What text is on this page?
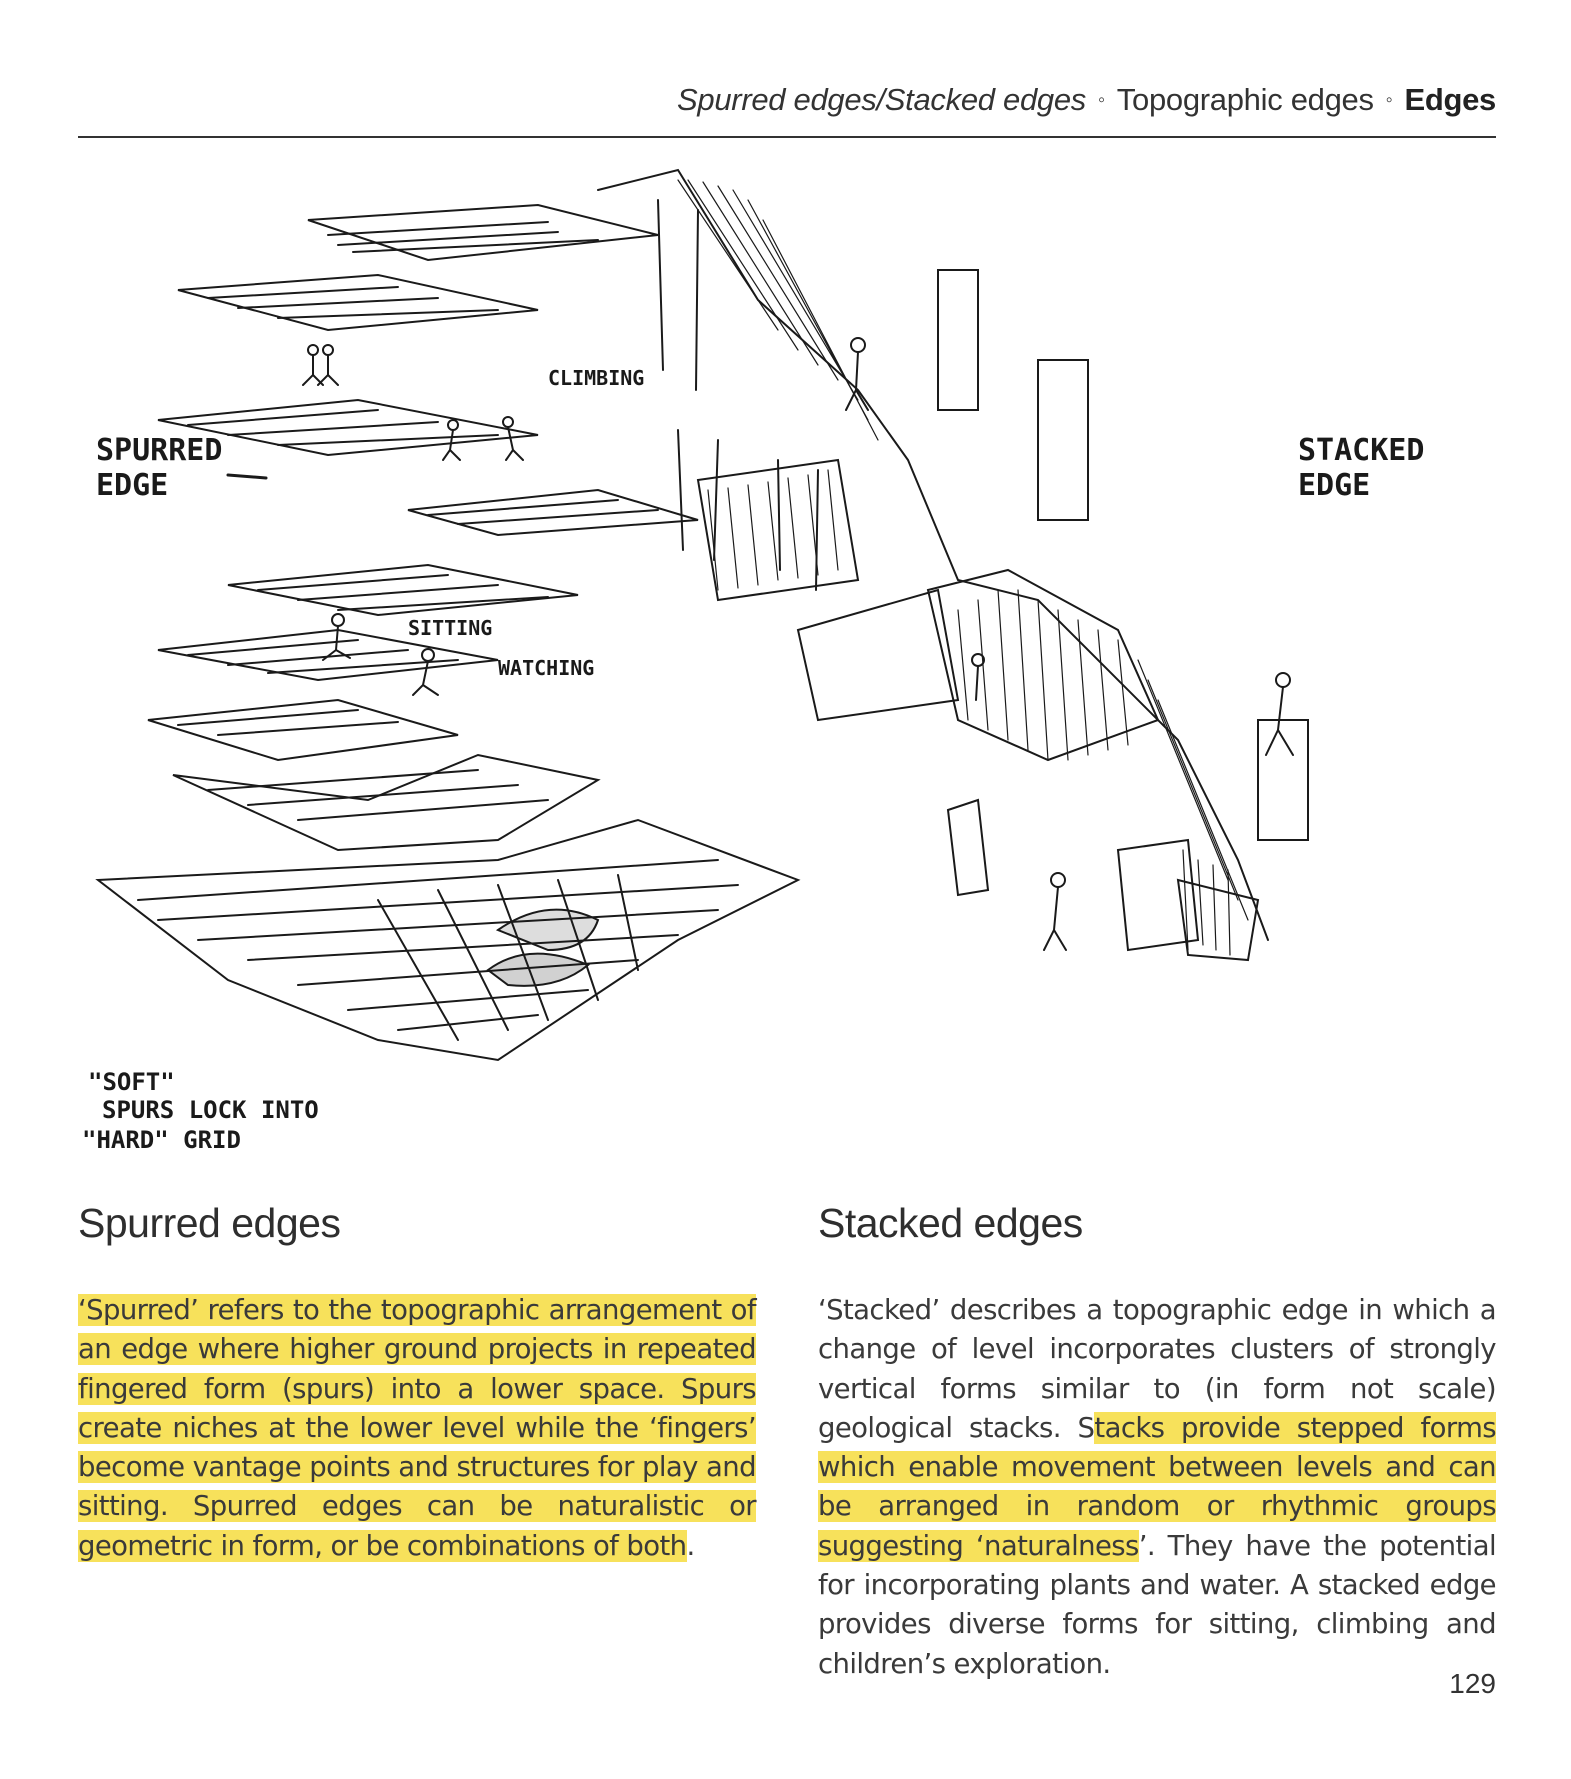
Spurred edges/Stacked edges ◦ Topographic edges ◦ Edges
SPURRED
EDGE
STACKED
EDGE
CLIMBING
SITTING
WATCHING
"SOFT"
SPURS LOCK INTO
"HARD" GRID
Spurred edges

‘Spurred’ refers to the topographic arrangement of an edge where higher ground projects in repeated fingered form (spurs) into a lower space. Spurs create niches at the lower level while the ‘fingers’ become vantage points and structures for play and sitting. Spurred edges can be naturalistic or geometric in form, or be combinations of both.

Stacked edges

‘Stacked’ describes a topographic edge in which a change of level incorporates clusters of strongly vertical forms similar to (in form not scale) geological stacks. Stacks provide stepped forms which enable movement between levels and can be arranged in random or rhythmic groups suggesting ‘naturalness’. They have the potential for incorporating plants and water. A stacked edge provides diverse forms for sitting, climbing and children’s exploration.

129
